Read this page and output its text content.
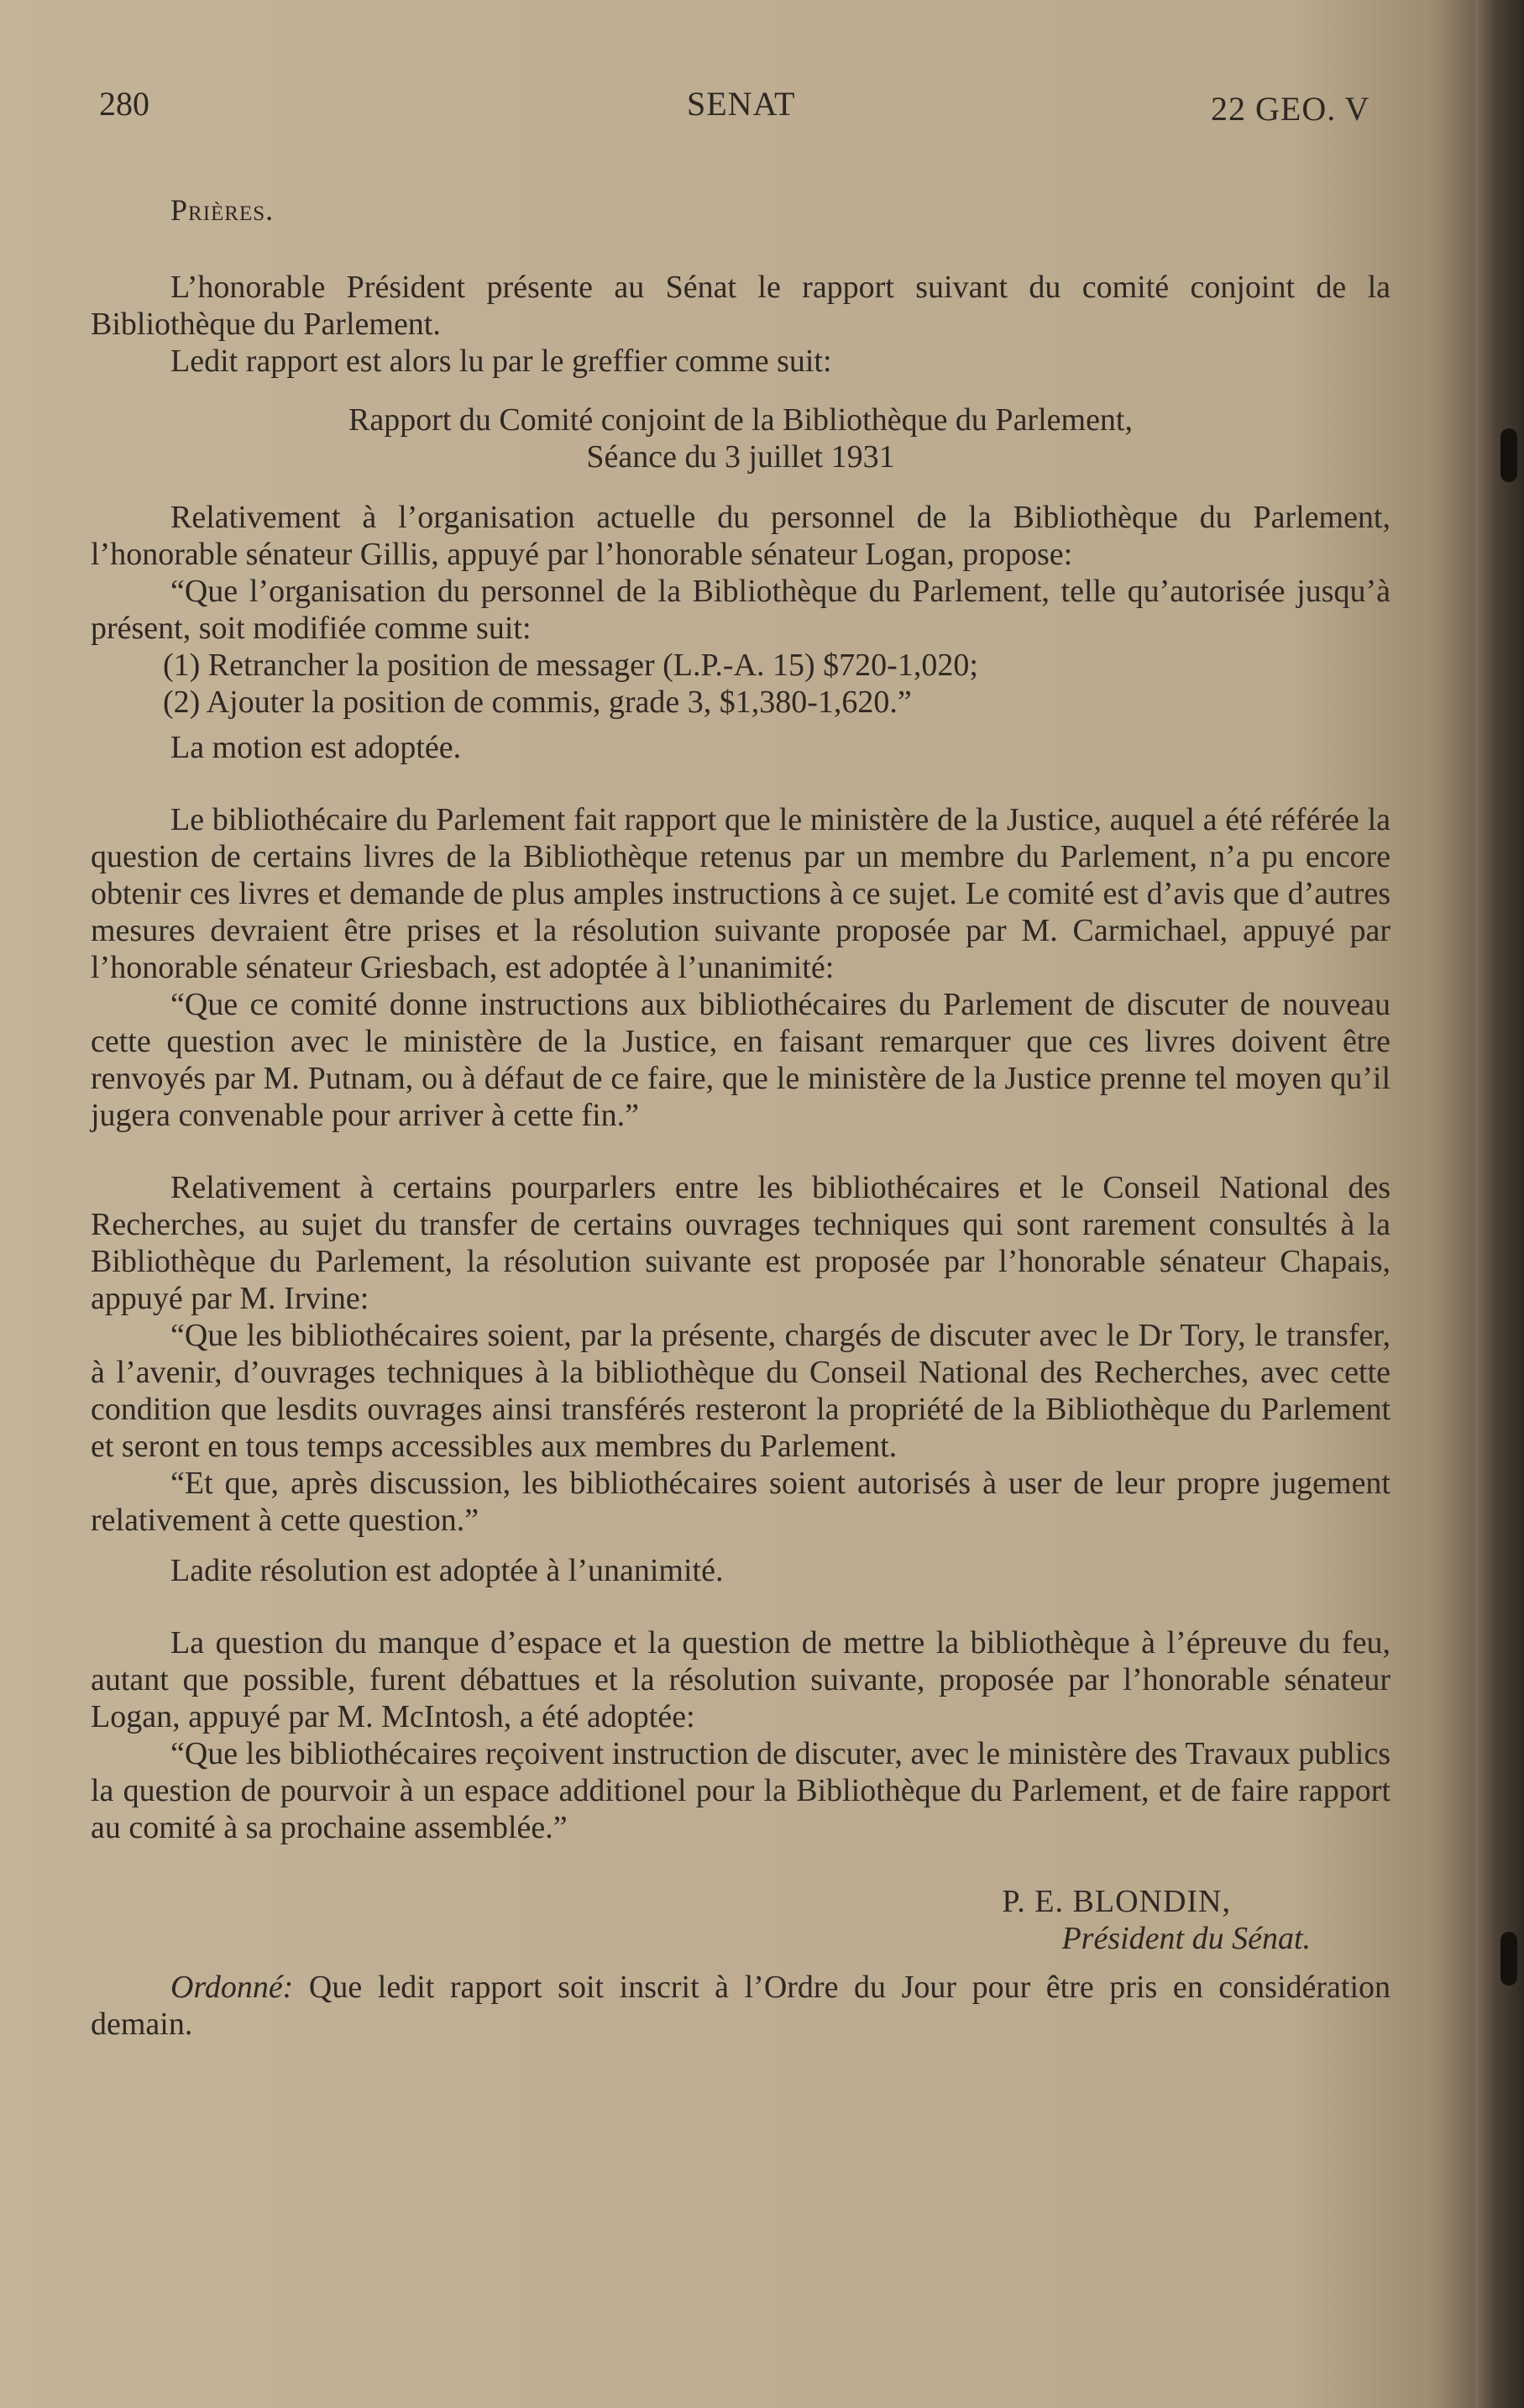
280	SENAT	22 GEO. V

Prières.

L’honorable Président présente au Sénat le rapport suivant du comité conjoint de la Bibliothèque du Parlement.

Ledit rapport est alors lu par le greffier comme suit:

Rapport du Comité conjoint de la Bibliothèque du Parlement,

Séance du 3 juillet 1931

Relativement à l’organisation actuelle du personnel de la Bibliothèque du Parlement, l’honorable sénateur Gillis, appuyé par l’honorable sénateur Logan, propose:

“Que l’organisation du personnel de la Bibliothèque du Parlement, telle qu’autorisée jusqu’à présent, soit modifiée comme suit:

(1) Retrancher la position de messager (L.P.-A. 15) $720-1,020;

(2) Ajouter la position de commis, grade 3, $1,380-1,620.”

La motion est adoptée.

Le bibliothécaire du Parlement fait rapport que le ministère de la Justice, auquel a été référée la question de certains livres de la Bibliothèque retenus par un membre du Parlement, n’a pu encore obtenir ces livres et demande de plus amples instructions à ce sujet. Le comité est d’avis que d’autres mesures devraient être prises et la résolution suivante proposée par M. Carmichael, appuyé par l’honorable sénateur Griesbach, est adoptée à l’unanimité:

“Que ce comité donne instructions aux bibliothécaires du Parlement de discuter de nouveau cette question avec le ministère de la Justice, en faisant remarquer que ces livres doivent être renvoyés par M. Putnam, ou à défaut de ce faire, que le ministère de la Justice prenne tel moyen qu’il jugera convenable pour arriver à cette fin.”

Relativement à certains pourparlers entre les bibliothécaires et le Conseil National des Recherches, au sujet du transfer de certains ouvrages techniques qui sont rarement consultés à la Bibliothèque du Parlement, la résolution suivante est proposée par l’honorable sénateur Chapais, appuyé par M. Irvine:

“Que les bibliothécaires soient, par la présente, chargés de discuter avec le Dr Tory, le transfer, à l’avenir, d’ouvrages techniques à la bibliothèque du Conseil National des Recherches, avec cette condition que lesdits ouvrages ainsi transférés resteront la propriété de la Bibliothèque du Parlement et seront en tous temps accessibles aux membres du Parlement.

“Et que, après discussion, les bibliothécaires soient autorisés à user de leur propre jugement relativement à cette question.”

Ladite résolution est adoptée à l’unanimité.

La question du manque d’espace et la question de mettre la bibliothèque à l’épreuve du feu, autant que possible, furent débattues et la résolution suivante, proposée par l’honorable sénateur Logan, appuyé par M. McIntosh, a été adoptée:

“Que les bibliothécaires reçoivent instruction de discuter, avec le ministère des Travaux publics la question de pourvoir à un espace additionel pour la Bibliothèque du Parlement, et de faire rapport au comité à sa prochaine assemblée.”

P. E. BLONDIN,

Président du Sénat.

Ordonné: Que ledit rapport soit inscrit à l’Ordre du Jour pour être pris en considération demain.
